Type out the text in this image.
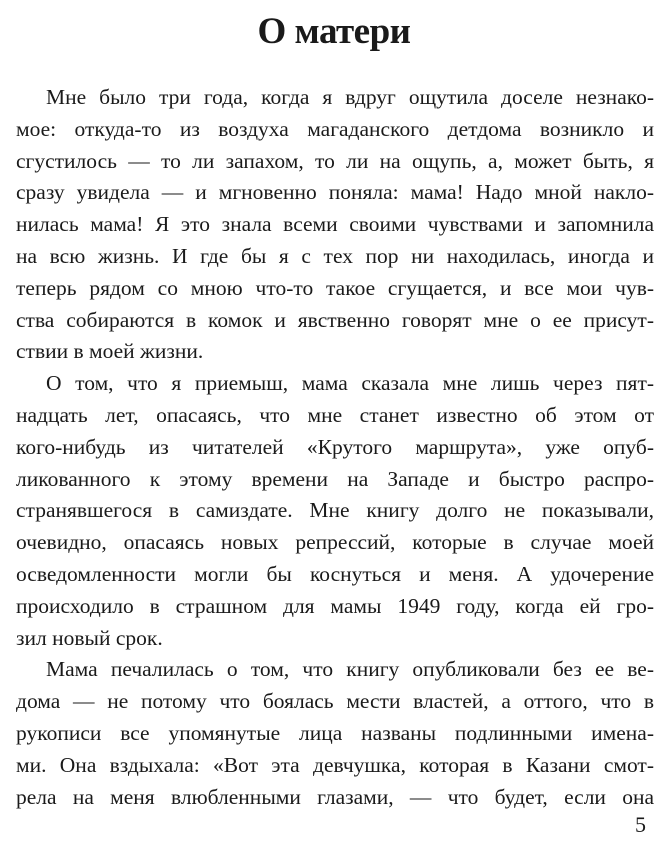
О матери
Мне было три года, когда я вдруг ощутила доселе незнако-
мое: откуда-то из воздуха магаданского детдома возникло и
сгустилось — то ли запахом, то ли на ощупь, а, может быть, я
сразу увидела — и мгновенно поняла: мама! Надо мной накло-
нилась мама! Я это знала всеми своими чувствами и запомнила
на всю жизнь. И где бы я с тех пор ни находилась, иногда и
теперь рядом со мною что-то такое сгущается, и все мои чув-
ства собираются в комок и явственно говорят мне о ее присут-
ствии в моей жизни.
О том, что я приемыш, мама сказала мне лишь через пят-
надцать лет, опасаясь, что мне станет известно об этом от
кого-нибудь из читателей «Крутого маршрута», уже опуб-
ликованного к этому времени на Западе и быстро распро-
странявшегося в самиздате. Мне книгу долго не показывали,
очевидно, опасаясь новых репрессий, которые в случае моей
осведомленности могли бы коснуться и меня. А удочерение
происходило в страшном для мамы 1949 году, когда ей гро-
зил новый срок.
Мама печалилась о том, что книгу опубликовали без ее ве-
дома — не потому что боялась мести властей, а оттого, что в
рукописи все упомянутые лица названы подлинными имена-
ми. Она вздыхала: «Вот эта девчушка, которая в Казани смот-
рела на меня влюбленными глазами, — что будет, если она
5
